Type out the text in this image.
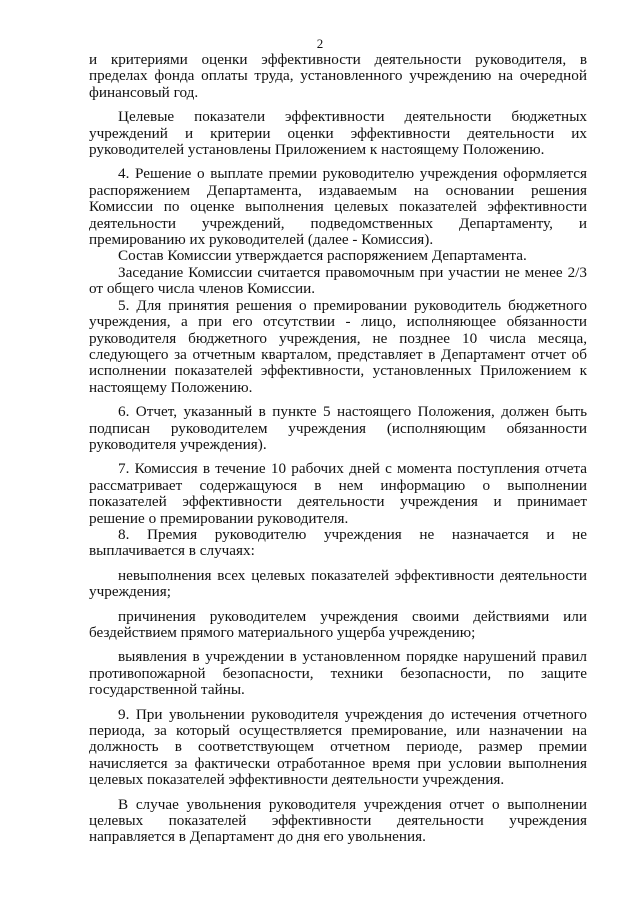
2

и критериями оценки эффективности деятельности руководителя, в пределах фонда оплаты труда, установленного учреждению на очередной финансовый год.

Целевые показатели эффективности деятельности бюджетных учреждений и критерии оценки эффективности деятельности их руководителей установлены Приложением к настоящему Положению.

4. Решение о выплате премии руководителю учреждения оформляется распоряжением Департамента, издаваемым на основании решения Комиссии по оценке выполнения целевых показателей эффективности деятельности учреждений, подведомственных Департаменту, и премированию их руководителей (далее - Комиссия).

Состав Комиссии утверждается распоряжением Департамента.

Заседание Комиссии считается правомочным при участии не менее 2/3 от общего числа членов Комиссии.

5. Для принятия решения о премировании руководитель бюджетного учреждения, а при его отсутствии - лицо, исполняющее обязанности руководителя бюджетного учреждения, не позднее 10 числа месяца, следующего за отчетным кварталом, представляет в Департамент отчет об исполнении показателей эффективности, установленных Приложением к настоящему Положению.

6. Отчет, указанный в пункте 5 настоящего Положения, должен быть подписан руководителем учреждения (исполняющим обязанности руководителя учреждения).

7. Комиссия в течение 10 рабочих дней с момента поступления отчета рассматривает содержащуюся в нем информацию о выполнении показателей эффективности деятельности учреждения и принимает решение о премировании руководителя.

8. Премия руководителю учреждения не назначается и не выплачивается в случаях:

невыполнения всех целевых показателей эффективности деятельности учреждения;

причинения руководителем учреждения своими действиями или бездействием прямого материального ущерба учреждению;

выявления в учреждении в установленном порядке нарушений правил противопожарной безопасности, техники безопасности, по защите государственной тайны.

9. При увольнении руководителя учреждения до истечения отчетного периода, за который осуществляется премирование, или назначении на должность в соответствующем отчетном периоде, размер премии начисляется за фактически отработанное время при условии выполнения целевых показателей эффективности деятельности учреждения.

В случае увольнения руководителя учреждения отчет о выполнении целевых показателей эффективности деятельности учреждения направляется в Департамент до дня его увольнения.
